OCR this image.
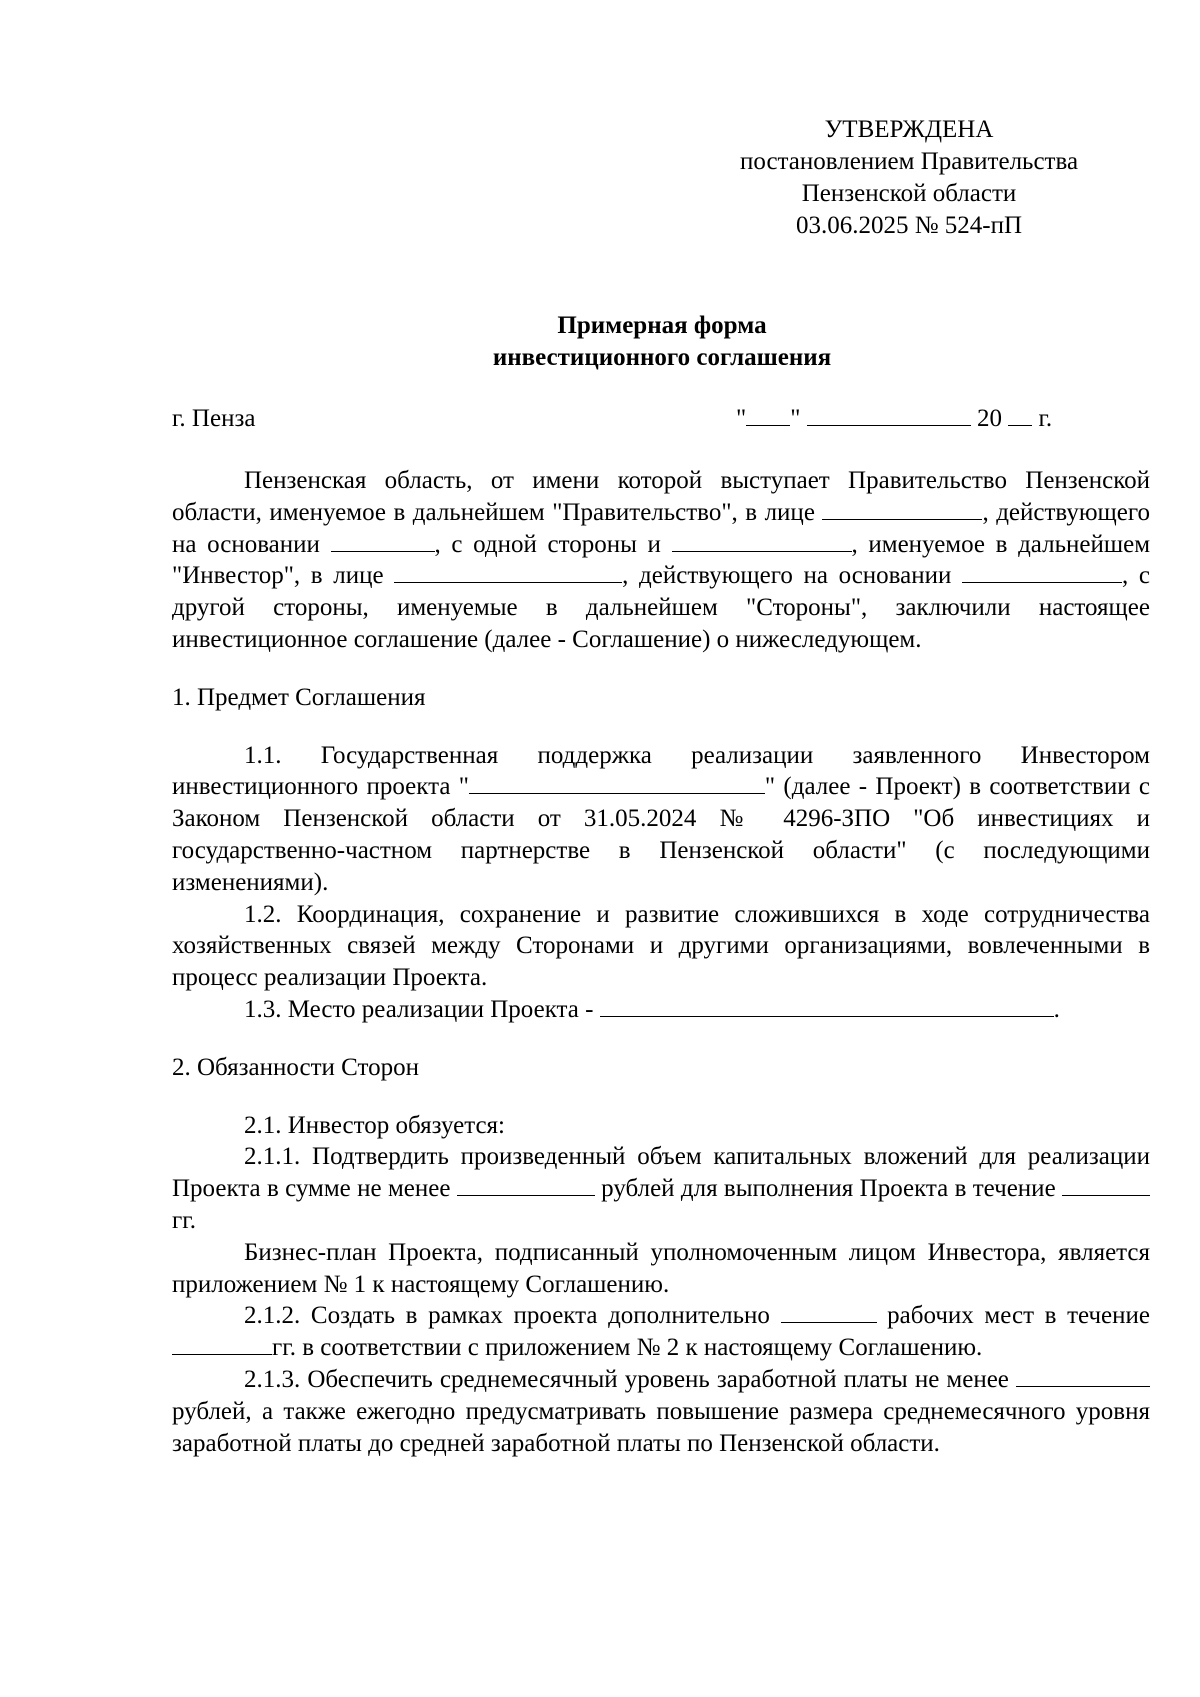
УТВЕРЖДЕНА
постановлением Правительства
Пензенской области
03.06.2025 № 524-пП
Примерная форма
инвестиционного соглашения
г. Пенза	" "	20 г.

Пензенская область, от имени которой выступает Правительство Пензенской области, именуемое в дальнейшем "Правительство", в лице	, действующего на основании	, с одной стороны и	, именуемое в дальнейшем "Инвестор", в лице	, действующего на основании	, с другой стороны, именуемые в дальнейшем "Стороны", заключили настоящее инвестиционное соглашение (далее - Соглашение) о нижеследующем.

1. Предмет Соглашения

1.1. Государственная поддержка реализации заявленного Инвестором инвестиционного проекта "	" (далее - Проект) в соответствии с Законом Пензенской области от 31.05.2024 № 4296-ЗПО "Об инвестициях и государственно-частном партнерстве в Пензенской области" (с последующими изменениями).

1.2. Координация, сохранение и развитие сложившихся в ходе сотрудничества хозяйственных связей между Сторонами и другими организациями, вовлеченными в процесс реализации Проекта.

1.3. Место реализации Проекта -	.

2. Обязанности Сторон

2.1. Инвестор обязуется:

2.1.1. Подтвердить произведенный объем капитальных вложений для реализации Проекта в сумме не менее	рублей для выполнения Проекта в течение  гг.

Бизнес-план Проекта, подписанный уполномоченным лицом Инвестора, является приложением № 1 к настоящему Соглашению.

2.1.2. Создать в рамках проекта дополнительно	рабочих мест в течение гг. в соответствии с приложением № 2 к настоящему Соглашению.

2.1.3. Обеспечить среднемесячный уровень заработной платы не менее  рублей, а также ежегодно предусматривать повышение размера среднемесячного уровня заработной платы до средней заработной платы по Пензенской области.
